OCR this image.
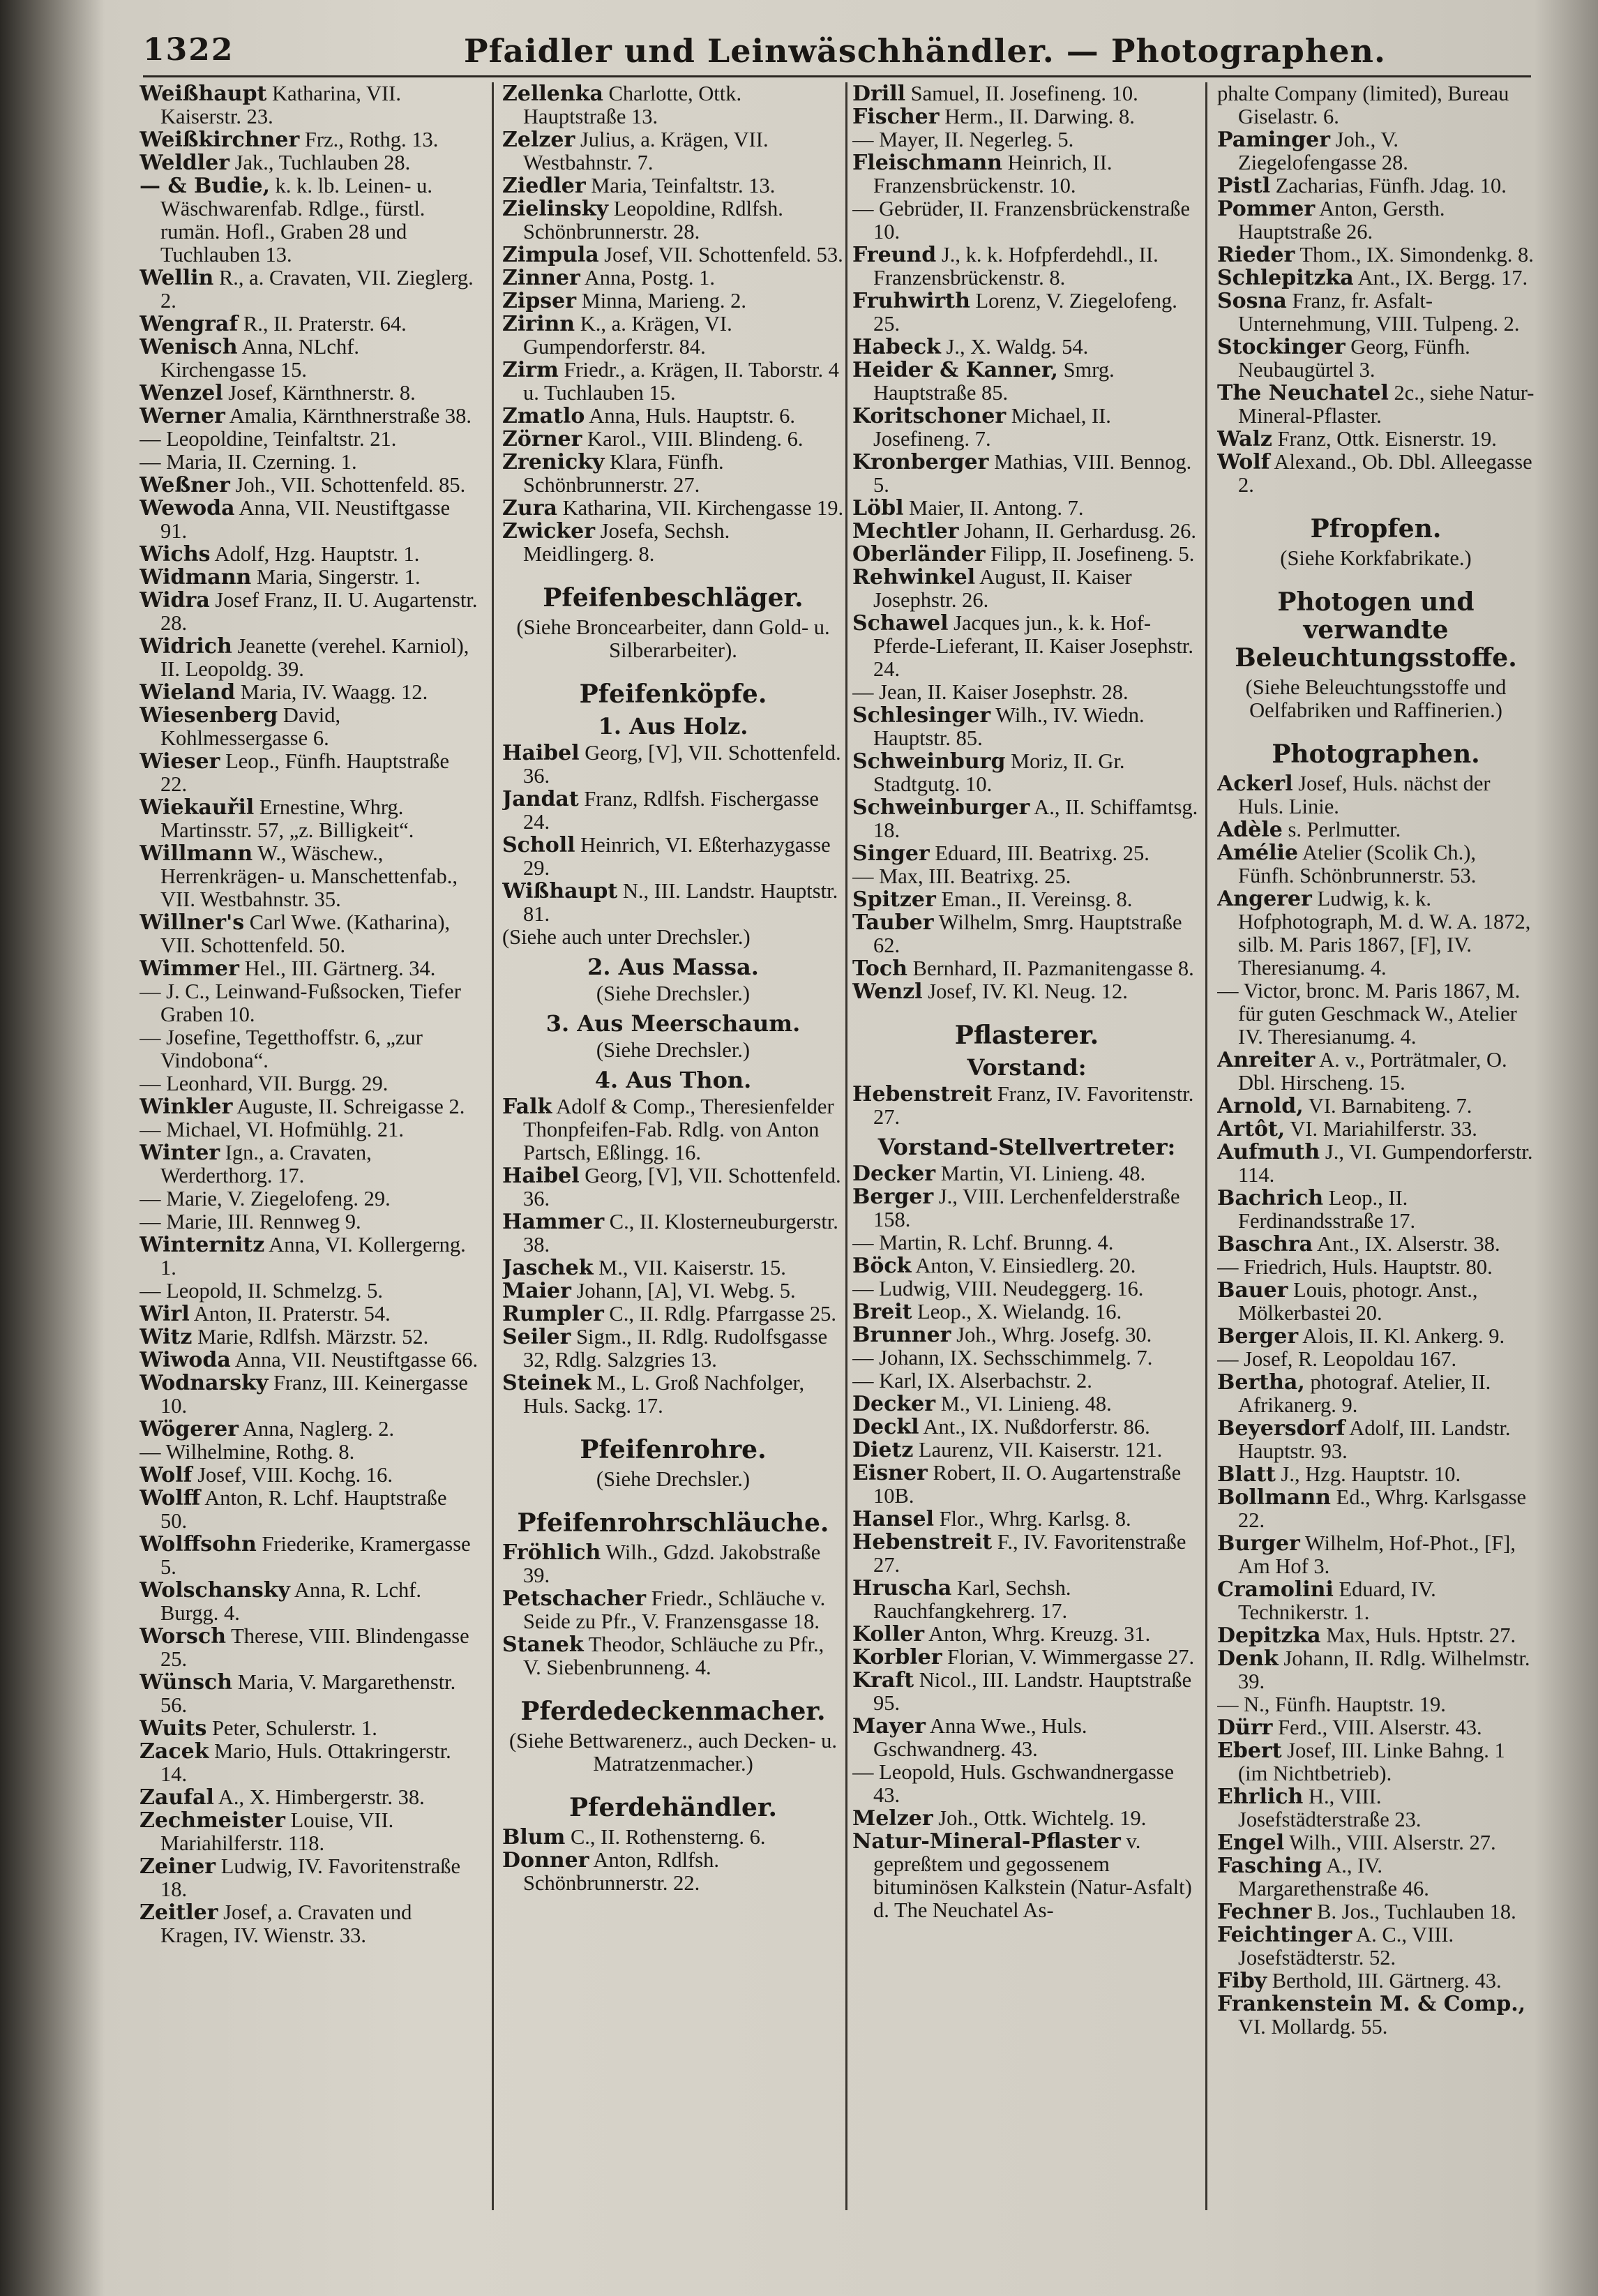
1322	Pfaidler und Leinwäschhändler. — Photographen.

Weißhaupt Katharina, VII. Kaiserstr. 23.

Weißkirchner Frz., Rothg. 13.

Weldler Jak., Tuchlauben 28.

— & Budie, k. k. lb. Leinen- u. Wäschwarenfab. Rdlge., fürstl. rumän. Hofl., Graben 28 und Tuchlauben 13.

Wellin R., a. Cravaten, VII. Zieglerg. 2.

Wengraf R., II. Praterstr. 64.

Wenisch Anna, NLchf. Kirchengasse 15.

Wenzel Josef, Kärnthnerstr. 8.

Werner Amalia, Kärnthnerstraße 38.

— Leopoldine, Teinfaltstr. 21.

— Maria, II. Czerning. 1.

Weßner Joh., VII. Schottenfeld. 85.

Wewoda Anna, VII. Neustiftgasse 91.

Wichs Adolf, Hzg. Hauptstr. 1.

Widmann Maria, Singerstr. 1.

Widra Josef Franz, II. U. Augartenstr. 28.

Widrich Jeanette (verehel. Karniol), II. Leopoldg. 39.

Wieland Maria, IV. Waagg. 12.

Wiesenberg David, Kohlmessergasse 6.

Wieser Leop., Fünfh. Hauptstraße 22.

Wiekauřil Ernestine, Whrg. Martinsstr. 57, „z. Billigkeit“.

Willmann W., Wäschew., Herrenkrägen- u. Manschettenfab., VII. Westbahnstr. 35.

Willner's Carl Wwe. (Katharina), VII. Schottenfeld. 50.

Wimmer Hel., III. Gärtnerg. 34.

— J. C., Leinwand-Fußsocken, Tiefer Graben 10.

— Josefine, Tegetthoffstr. 6, „zur Vindobona“.

— Leonhard, VII. Burgg. 29.

Winkler Auguste, II. Schreigasse 2.

— Michael, VI. Hofmühlg. 21.

Winter Ign., a. Cravaten, Werderthorg. 17.

— Marie, V. Ziegelofeng. 29.

— Marie, III. Rennweg 9.

Winternitz Anna, VI. Kollergerng. 1.

— Leopold, II. Schmelzg. 5.

Wirl Anton, II. Praterstr. 54.

Witz Marie, Rdlfsh. Märzstr. 52.

Wiwoda Anna, VII. Neustiftgasse 66.

Wodnarsky Franz, III. Keinergasse 10.

Wögerer Anna, Naglerg. 2.

— Wilhelmine, Rothg. 8.

Wolf Josef, VIII. Kochg. 16.

Wolff Anton, R. Lchf. Hauptstraße 50.

Wolffsohn Friederike, Kramergasse 5.

Wolschansky Anna, R. Lchf. Burgg. 4.

Worsch Therese, VIII. Blindengasse 25.

Wünsch Maria, V. Margarethenstr. 56.

Wuits Peter, Schulerstr. 1.

Zacek Mario, Huls. Ottakringerstr. 14.

Zaufal A., X. Himbergerstr. 38.

Zechmeister Louise, VII. Mariahilferstr. 118.

Zeiner Ludwig, IV. Favoritenstraße 18.

Zeitler Josef, a. Cravaten und Kragen, IV. Wienstr. 33.

Zellenka Charlotte, Ottk. Hauptstraße 13.

Zelzer Julius, a. Krägen, VII. Westbahnstr. 7.

Ziedler Maria, Teinfaltstr. 13.

Zielinsky Leopoldine, Rdlfsh. Schönbrunnerstr. 28.

Zimpula Josef, VII. Schottenfeld. 53.

Zinner Anna, Postg. 1.

Zipser Minna, Marieng. 2.

Zirinn K., a. Krägen, VI. Gumpendorferstr. 84.

Zirm Friedr., a. Krägen, II. Taborstr. 4 u. Tuchlauben 15.

Zmatlo Anna, Huls. Hauptstr. 6.

Zörner Karol., VIII. Blindeng. 6.

Zrenicky Klara, Fünfh. Schönbrunnerstr. 27.

Zura Katharina, VII. Kirchengasse 19.

Zwicker Josefa, Sechsh. Meidlingerg. 8.

Pfeifenbeschläger.
(Siehe Broncearbeiter, dann Gold- u. Silberarbeiter).
Pfeifenköpfe.
1. Aus Holz.

Haibel Georg, [V], VII. Schottenfeld. 36.

Jandat Franz, Rdlfsh. Fischergasse 24.

Scholl Heinrich, VI. Eßterhazygasse 29.

Wißhaupt N., III. Landstr. Hauptstr. 81.

(Siehe auch unter Drechsler.)

2. Aus Massa.
(Siehe Drechsler.)
3. Aus Meerschaum.
(Siehe Drechsler.)
4. Aus Thon.

Falk Adolf & Comp., Theresienfelder Thonpfeifen-Fab. Rdlg. von Anton Partsch, Eßlingg. 16.

Haibel Georg, [V], VII. Schottenfeld. 36.

Hammer C., II. Klosterneuburgerstr. 38.

Jaschek M., VII. Kaiserstr. 15.

Maier Johann, [A], VI. Webg. 5.

Rumpler C., II. Rdlg. Pfarrgasse 25.

Seiler Sigm., II. Rdlg. Rudolfsgasse 32, Rdlg. Salzgries 13.

Steinek M., L. Groß Nachfolger, Huls. Sackg. 17.

Pfeifenrohre.
(Siehe Drechsler.)
Pfeifenrohrschläuche.

Fröhlich Wilh., Gdzd. Jakobstraße 39.

Petschacher Friedr., Schläuche v. Seide zu Pfr., V. Franzensgasse 18.

Stanek Theodor, Schläuche zu Pfr., V. Siebenbrunneng. 4.

Pferdedeckenmacher.
(Siehe Bettwarenerz., auch Decken- u. Matratzenmacher.)
Pferdehändler.

Blum C., II. Rothensterng. 6.

Donner Anton, Rdlfsh. Schönbrunnerstr. 22.

Drill Samuel, II. Josefineng. 10.

Fischer Herm., II. Darwing. 8.

— Mayer, II. Negerleg. 5.

Fleischmann Heinrich, II. Franzensbrückenstr. 10.

— Gebrüder, II. Franzensbrückenstraße 10.

Freund J., k. k. Hofpferdehdl., II. Franzensbrückenstr. 8.

Fruhwirth Lorenz, V. Ziegelofeng. 25.

Habeck J., X. Waldg. 54.

Heider & Kanner, Smrg. Hauptstraße 85.

Koritschoner Michael, II. Josefineng. 7.

Kronberger Mathias, VIII. Bennog. 5.

Löbl Maier, II. Antong. 7.

Mechtler Johann, II. Gerhardusg. 26.

Oberländer Filipp, II. Josefineng. 5.

Rehwinkel August, II. Kaiser Josephstr. 26.

Schawel Jacques jun., k. k. Hof-Pferde-Lieferant, II. Kaiser Josephstr. 24.

— Jean, II. Kaiser Josephstr. 28.

Schlesinger Wilh., IV. Wiedn. Hauptstr. 85.

Schweinburg Moriz, II. Gr. Stadtgutg. 10.

Schweinburger A., II. Schiffamtsg. 18.

Singer Eduard, III. Beatrixg. 25.

— Max, III. Beatrixg. 25.

Spitzer Eman., II. Vereinsg. 8.

Tauber Wilhelm, Smrg. Hauptstraße 62.

Toch Bernhard, II. Pazmanitengasse 8.

Wenzl Josef, IV. Kl. Neug. 12.

Pflasterer.
Vorstand:

Hebenstreit Franz, IV. Favoritenstr. 27.

Vorstand-Stellvertreter:

Decker Martin, VI. Linieng. 48.

Berger J., VIII. Lerchenfelderstraße 158.

— Martin, R. Lchf. Brunng. 4.

Böck Anton, V. Einsiedlerg. 20.

— Ludwig, VIII. Neudeggerg. 16.

Breit Leop., X. Wielandg. 16.

Brunner Joh., Whrg. Josefg. 30.

— Johann, IX. Sechsschimmelg. 7.

— Karl, IX. Alserbachstr. 2.

Decker M., VI. Linieng. 48.

Deckl Ant., IX. Nußdorferstr. 86.

Dietz Laurenz, VII. Kaiserstr. 121.

Eisner Robert, II. O. Augartenstraße 10B.

Hansel Flor., Whrg. Karlsg. 8.

Hebenstreit F., IV. Favoritenstraße 27.

Hruscha Karl, Sechsh. Rauchfangkehrerg. 17.

Koller Anton, Whrg. Kreuzg. 31.

Korbler Florian, V. Wimmergasse 27.

Kraft Nicol., III. Landstr. Hauptstraße 95.

Mayer Anna Wwe., Huls. Gschwandnerg. 43.

— Leopold, Huls. Gschwandnergasse 43.

Melzer Joh., Ottk. Wichtelg. 19.

Natur-Mineral-Pflaster v. gepreßtem und gegossenem bituminösen Kalkstein (Natur-Asfalt) d. The Neuchatel As-

phalte Company (limited), Bureau Giselastr. 6.

Paminger Joh., V. Ziegelofengasse 28.

Pistl Zacharias, Fünfh. Jdag. 10.

Pommer Anton, Gersth. Hauptstraße 26.

Rieder Thom., IX. Simondenkg. 8.

Schlepitzka Ant., IX. Bergg. 17.

Sosna Franz, fr. Asfalt-Unternehmung, VIII. Tulpeng. 2.

Stockinger Georg, Fünfh. Neubaugürtel 3.

The Neuchatel 2c., siehe Natur-Mineral-Pflaster.

Walz Franz, Ottk. Eisnerstr. 19.

Wolf Alexand., Ob. Dbl. Alleegasse 2.

Pfropfen.
(Siehe Korkfabrikate.)
Photogen und verwandte Beleuchtungsstoffe.
(Siehe Beleuchtungsstoffe und Oelfabriken und Raffinerien.)
Photographen.

Ackerl Josef, Huls. nächst der Huls. Linie.

Adèle s. Perlmutter.

Amélie Atelier (Scolik Ch.), Fünfh. Schönbrunnerstr. 53.

Angerer Ludwig, k. k. Hofphotograph, M. d. W. A. 1872, silb. M. Paris 1867, [F], IV. Theresianumg. 4.

— Victor, bronc. M. Paris 1867, M. für guten Geschmack W., Atelier IV. Theresianumg. 4.

Anreiter A. v., Porträtmaler, O. Dbl. Hirscheng. 15.

Arnold, VI. Barnabiteng. 7.

Artôt, VI. Mariahilferstr. 33.

Aufmuth J., VI. Gumpendorferstr. 114.

Bachrich Leop., II. Ferdinandsstraße 17.

Baschra Ant., IX. Alserstr. 38.

— Friedrich, Huls. Hauptstr. 80.

Bauer Louis, photogr. Anst., Mölkerbastei 20.

Berger Alois, II. Kl. Ankerg. 9.

— Josef, R. Leopoldau 167.

Bertha, photograf. Atelier, II. Afrikanerg. 9.

Beyersdorf Adolf, III. Landstr. Hauptstr. 93.

Blatt J., Hzg. Hauptstr. 10.

Bollmann Ed., Whrg. Karlsgasse 22.

Burger Wilhelm, Hof-Phot., [F], Am Hof 3.

Cramolini Eduard, IV. Technikerstr. 1.

Depitzka Max, Huls. Hptstr. 27.

Denk Johann, II. Rdlg. Wilhelmstr. 39.

— N., Fünfh. Hauptstr. 19.

Dürr Ferd., VIII. Alserstr. 43.

Ebert Josef, III. Linke Bahng. 1 (im Nichtbetrieb).

Ehrlich H., VIII. Josefstädterstraße 23.

Engel Wilh., VIII. Alserstr. 27.

Fasching A., IV. Margarethenstraße 46.

Fechner B. Jos., Tuchlauben 18.

Feichtinger A. C., VIII. Josefstädterstr. 52.

Fiby Berthold, III. Gärtnerg. 43.

Frankenstein M. & Comp., VI. Mollardg. 55.
